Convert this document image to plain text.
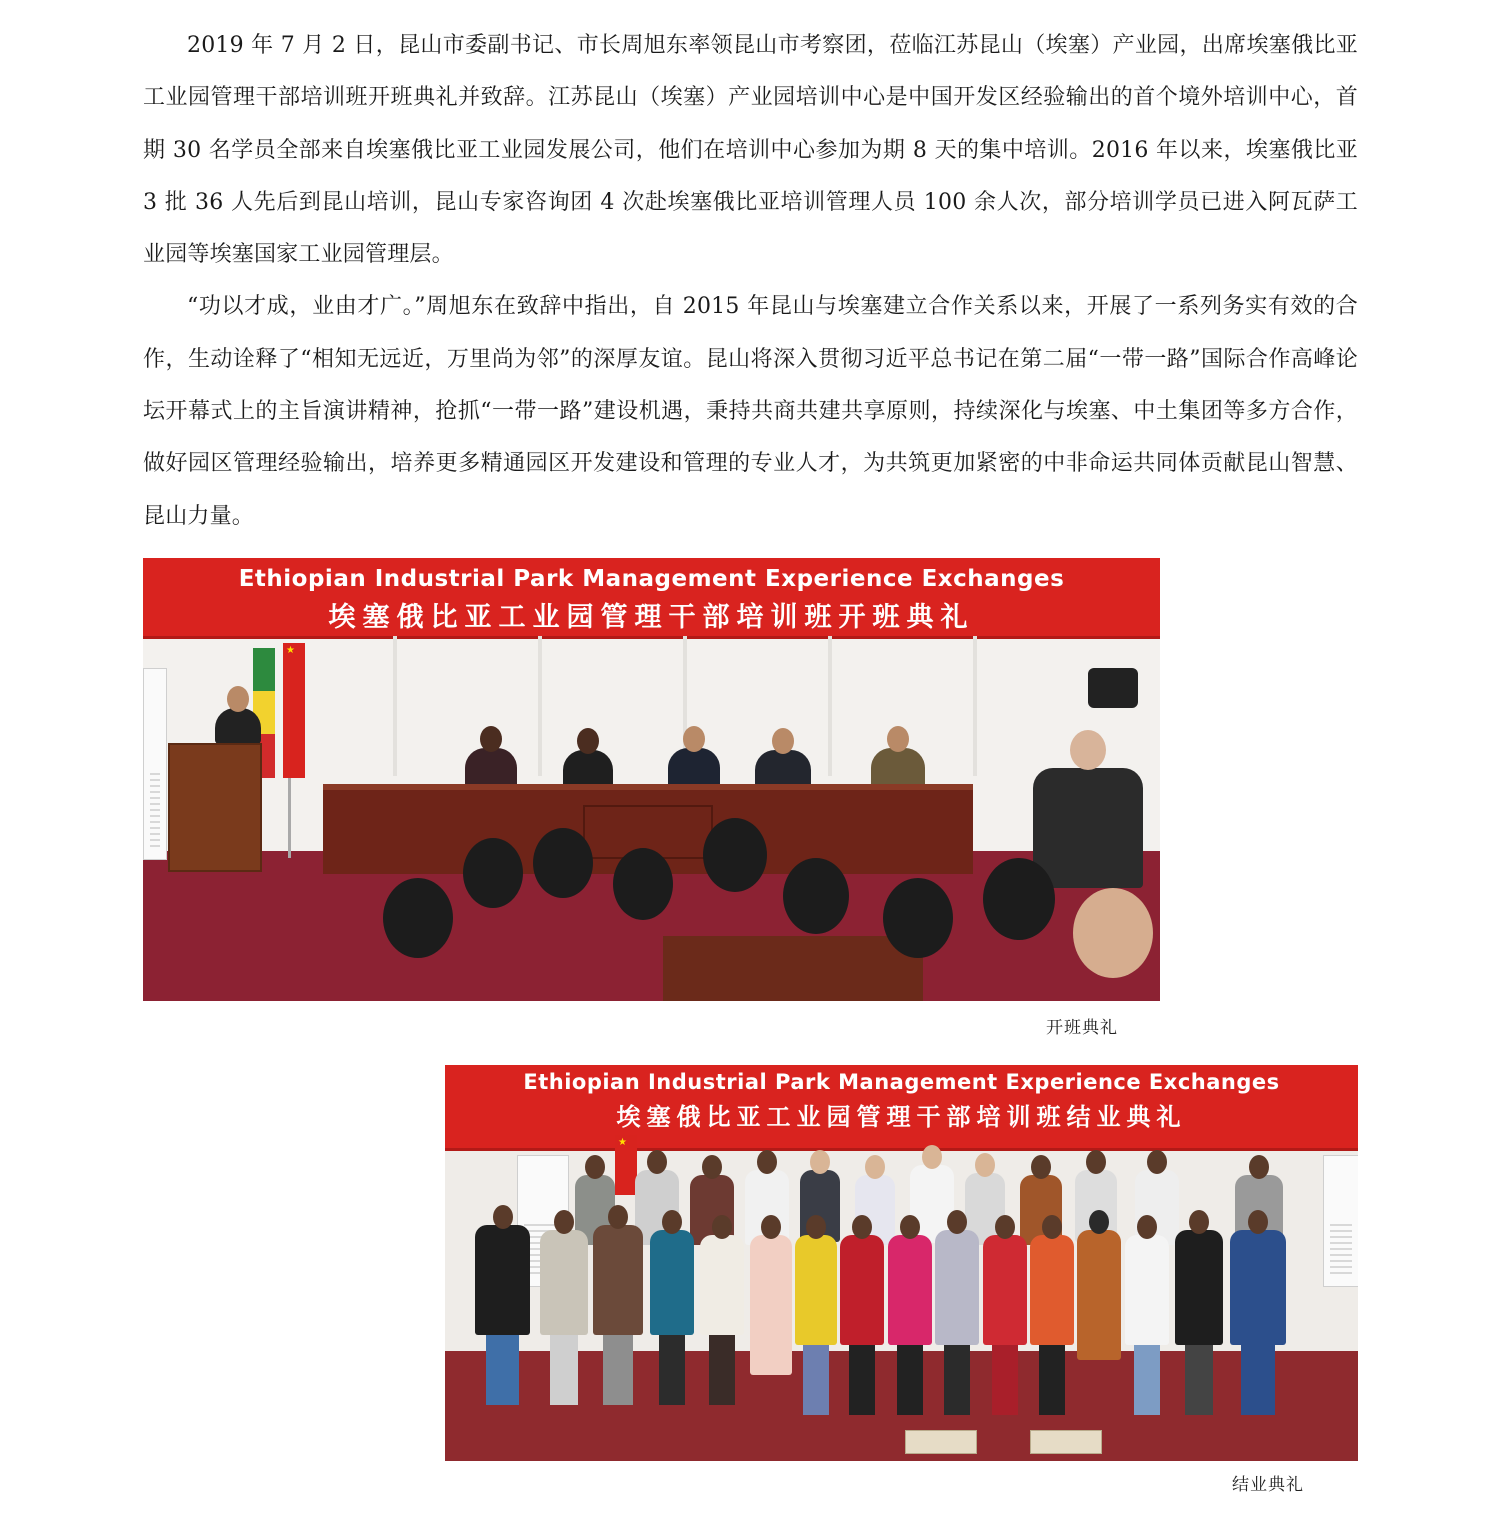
2019 年 7 月 2 日，昆山市委副书记、市长周旭东率领昆山市考察团，莅临江苏昆山（埃塞）产业园，出席埃塞俄比亚工业园管理干部培训班开班典礼并致辞。江苏昆山（埃塞）产业园培训中心是中国开发区经验输出的首个境外培训中心，首期 30 名学员全部来自埃塞俄比亚工业园发展公司，他们在培训中心参加为期 8 天的集中培训。2016 年以来，埃塞俄比亚 3 批 36 人先后到昆山培训，昆山专家咨询团 4 次赴埃塞俄比亚培训管理人员 100 余人次，部分培训学员已进入阿瓦萨工业园等埃塞国家工业园管理层。

“功以才成，业由才广。”周旭东在致辞中指出，自 2015 年昆山与埃塞建立合作关系以来，开展了一系列务实有效的合作，生动诠释了“相知无远近，万里尚为邻”的深厚友谊。昆山将深入贯彻习近平总书记在第二届“一带一路”国际合作高峰论坛开幕式上的主旨演讲精神，抢抓“一带一路”建设机遇，秉持共商共建共享原则，持续深化与埃塞、中土集团等多方合作，做好园区管理经验输出，培养更多精通园区开发建设和管理的专业人才，为共筑更加紧密的中非命运共同体贡献昆山智慧、昆山力量。

Ethiopian Industrial Park Management Experience Exchanges
埃塞俄比亚工业园管理干部培训班开班典礼
★
开班典礼
Ethiopian Industrial Park Management Experience Exchanges
埃塞俄比亚工业园管理干部培训班结业典礼
★
结业典礼
